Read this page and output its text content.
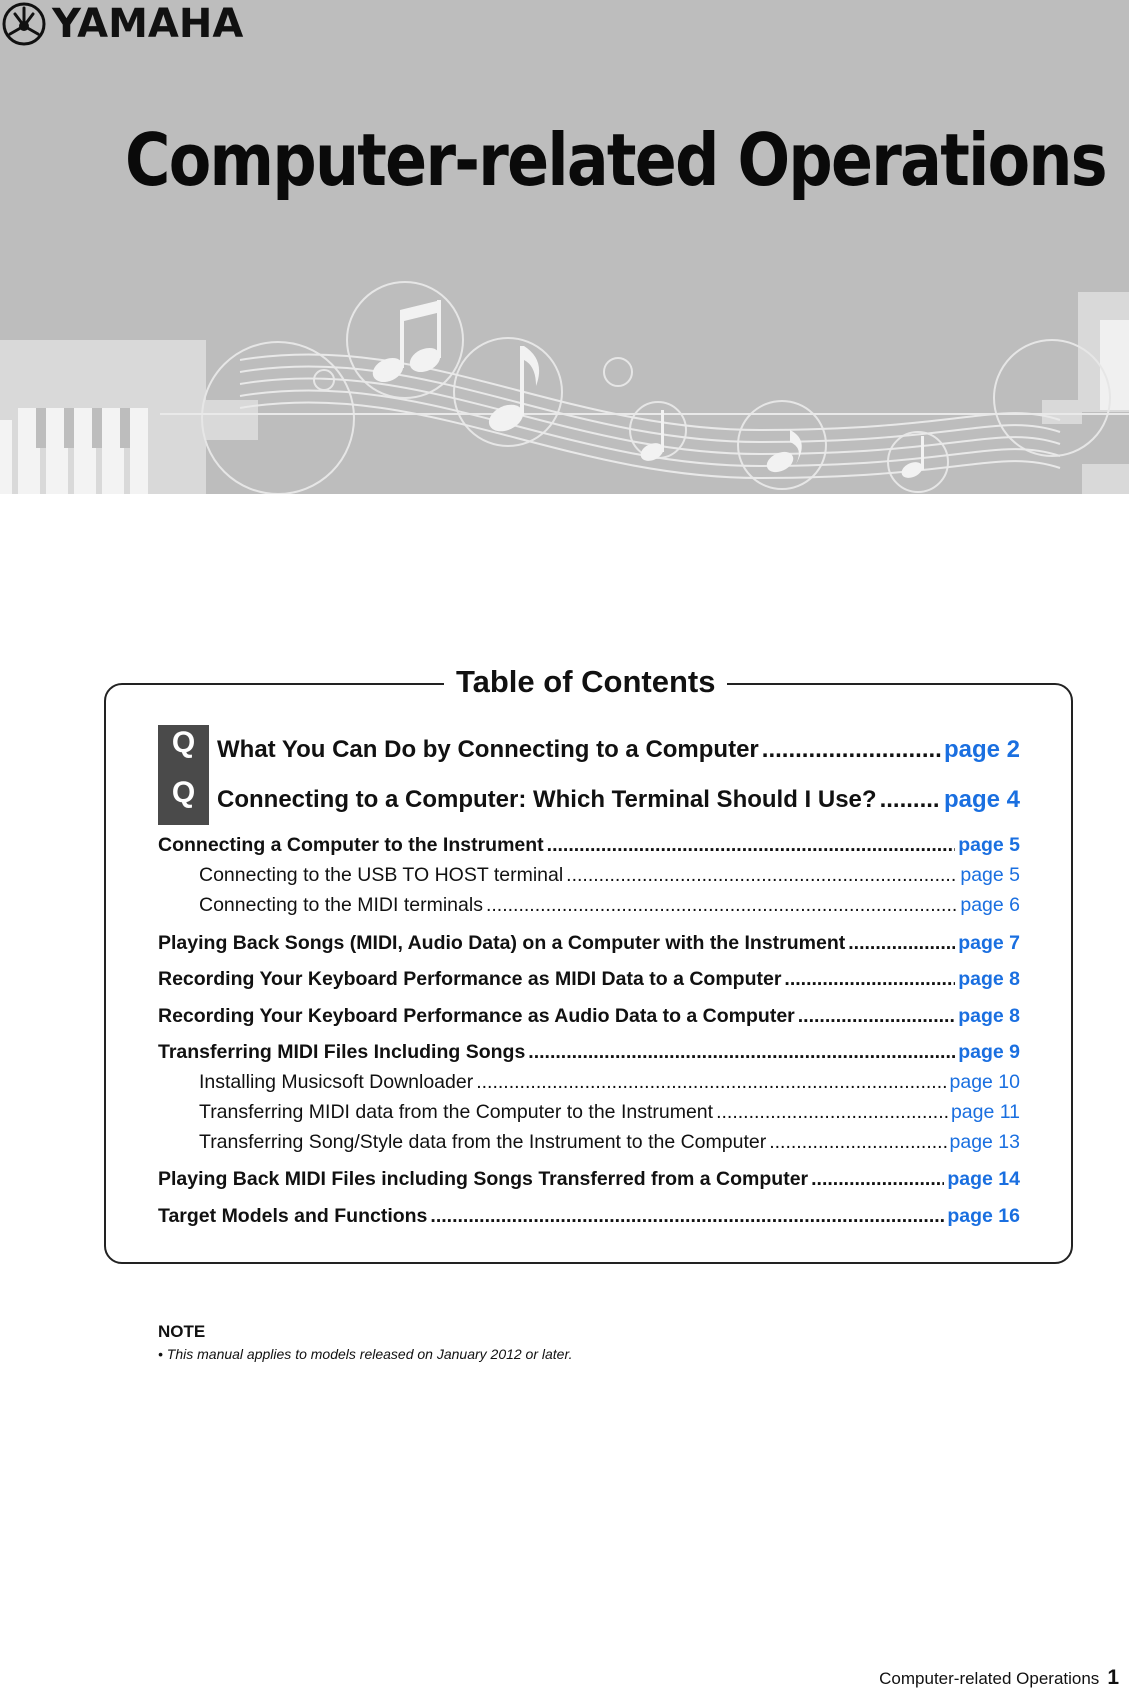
YAMAHA
Computer-related Operations
Table of Contents
Q What You Can Do by Connecting to a Computer .....	page 2
Q Connecting to a Computer: Which Terminal Should I Use? .....	page 4
Connecting a Computer to the Instrument .....	page 5
Connecting to the USB TO HOST terminal .....	page 5
Connecting to the MIDI terminals .....	page 6
Playing Back Songs (MIDI, Audio Data) on a Computer with the Instrument .....	page 7
Recording Your Keyboard Performance as MIDI Data to a Computer .....	page 8
Recording Your Keyboard Performance as Audio Data to a Computer .....	page 8
Transferring MIDI Files Including Songs .....	page 9
Installing Musicsoft Downloader .....	page 10
Transferring MIDI data from the Computer to the Instrument .....	page 11
Transferring Song/Style data from the Instrument to the Computer .....	page 13
Playing Back MIDI Files including Songs Transferred from a Computer .....	page 14
Target Models and Functions .....	page 16
NOTE
• This manual applies to models released on January 2012 or later.
Computer-related Operations 1
